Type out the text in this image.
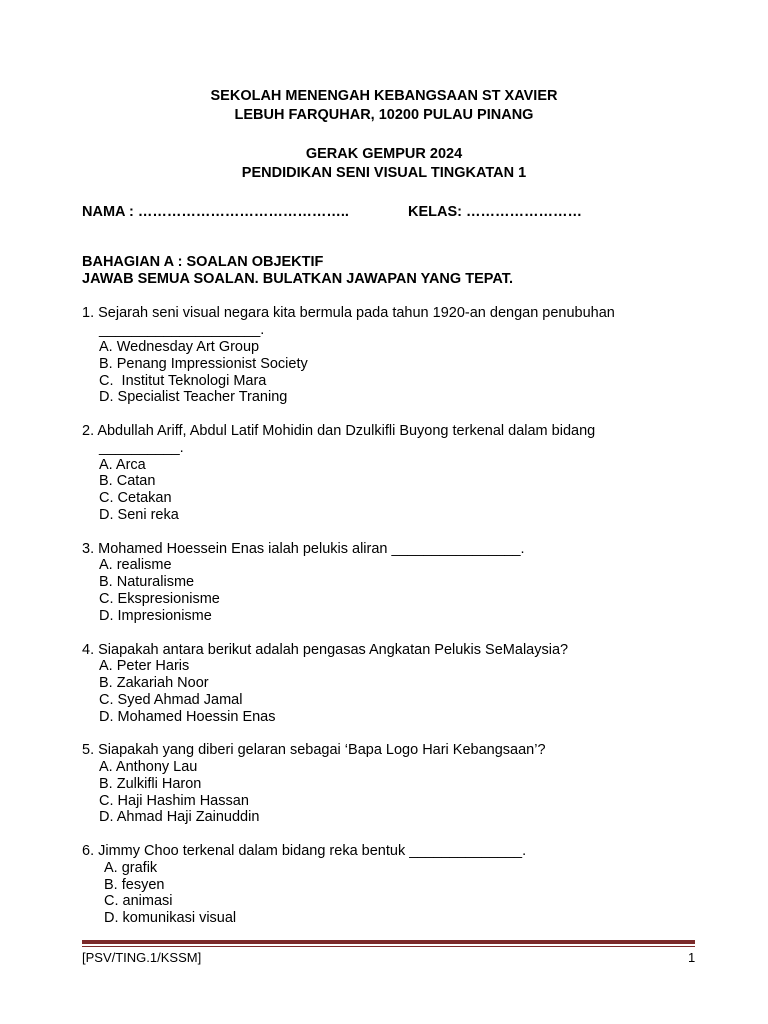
SEKOLAH MENENGAH KEBANGSAAN ST XAVIER
LEBUH FARQUHAR, 10200 PULAU PINANG
GERAK GEMPUR 2024
PENDIDIKAN SENI VISUAL TINGKATAN 1
NAMA : ……………………………………..	KELAS: ……………………
BAHAGIAN A : SOALAN OBJEKTIF
JAWAB SEMUA SOALAN. BULATKAN JAWAPAN YANG TEPAT.
1. Sejarah seni visual negara kita bermula pada tahun 1920-an dengan penubuhan
____________________.
A. Wednesday Art Group
B. Penang Impressionist Society
C.  Institut Teknologi Mara
D. Specialist Teacher Traning
2. Abdullah Ariff, Abdul Latif Mohidin dan Dzulkifli Buyong terkenal dalam bidang
__________.
A. Arca
B. Catan
C. Cetakan
D. Seni reka
3. Mohamed Hoessein Enas ialah pelukis aliran ________________.
A. realisme
B. Naturalisme
C. Ekspresionisme
D. Impresionisme
4. Siapakah antara berikut adalah pengasas Angkatan Pelukis SeMalaysia?
A. Peter Haris
B. Zakariah Noor
C. Syed Ahmad Jamal
D. Mohamed Hoessin Enas
5. Siapakah yang diberi gelaran sebagai ‘Bapa Logo Hari Kebangsaan’?
A. Anthony Lau
B. Zulkifli Haron
C. Haji Hashim Hassan
D. Ahmad Haji Zainuddin
6. Jimmy Choo terkenal dalam bidang reka bentuk ______________.
A. grafik
B. fesyen
C. animasi
D. komunikasi visual
[PSV/TING.1/KSSM]	1
